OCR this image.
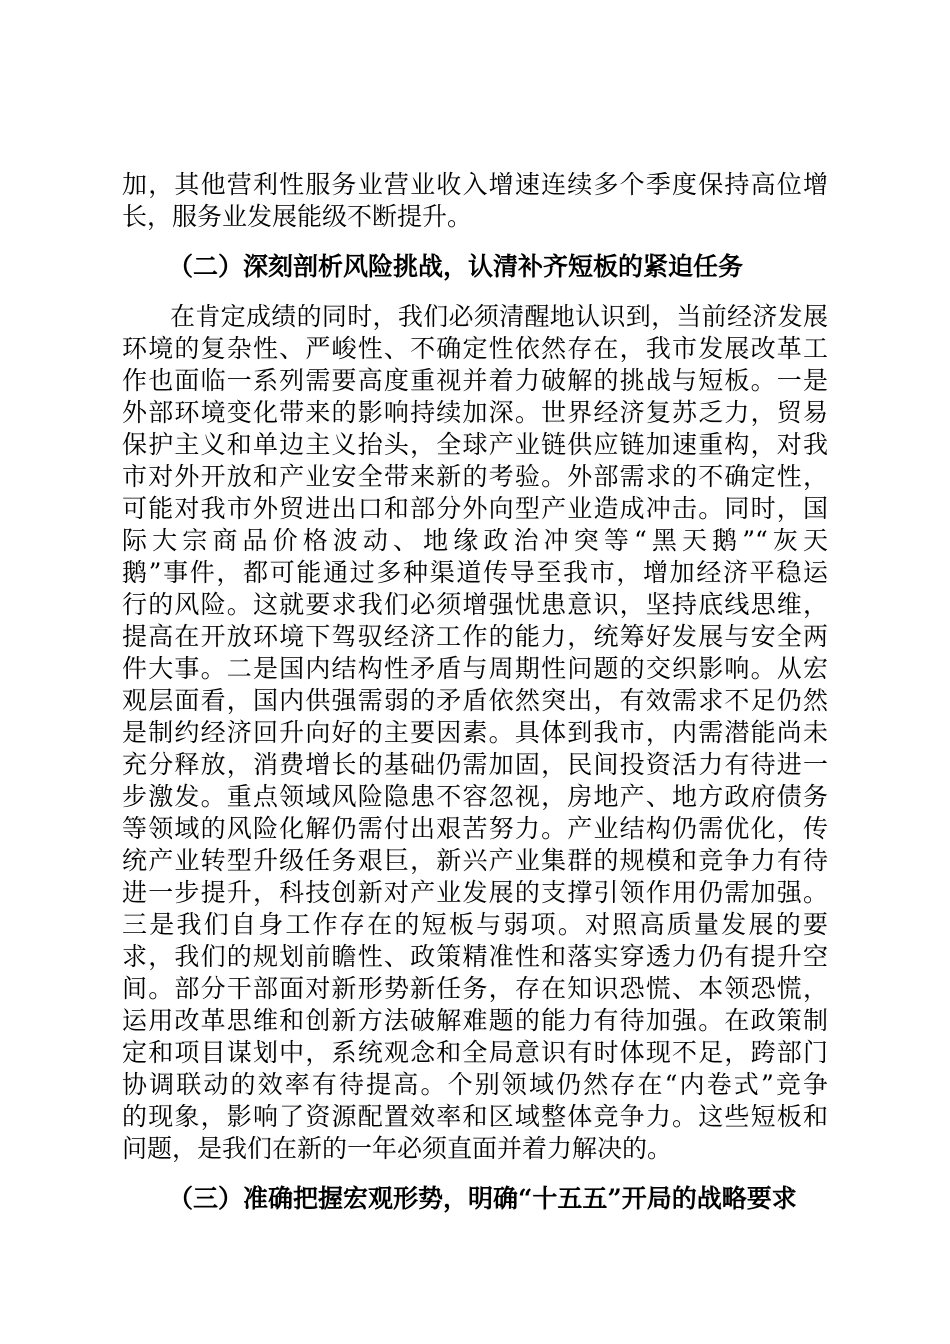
加，其他营利性服务业营业收入增速连续多个季度保持高位增
长，服务业发展能级不断提升。
（二）深刻剖析风险挑战，认清补齐短板的紧迫任务
在肯定成绩的同时，我们必须清醒地认识到，当前经济发展
环境的复杂性、严峻性、不确定性依然存在，我市发展改革工
作也面临一系列需要高度重视并着力破解的挑战与短板。一是
外部环境变化带来的影响持续加深。世界经济复苏乏力，贸易
保护主义和单边主义抬头，全球产业链供应链加速重构，对我
市对外开放和产业安全带来新的考验。外部需求的不确定性，
可能对我市外贸进出口和部分外向型产业造成冲击。同时，国
际大宗商品价格波动、地缘政治冲突等“黑天鹅”“灰天
鹅”事件，都可能通过多种渠道传导至我市，增加经济平稳运
行的风险。这就要求我们必须增强忧患意识，坚持底线思维，
提高在开放环境下驾驭经济工作的能力，统筹好发展与安全两
件大事。二是国内结构性矛盾与周期性问题的交织影响。从宏
观层面看，国内供强需弱的矛盾依然突出，有效需求不足仍然
是制约经济回升向好的主要因素。具体到我市，内需潜能尚未
充分释放，消费增长的基础仍需加固，民间投资活力有待进一
步激发。重点领域风险隐患不容忽视，房地产、地方政府债务
等领域的风险化解仍需付出艰苦努力。产业结构仍需优化，传
统产业转型升级任务艰巨，新兴产业集群的规模和竞争力有待
进一步提升，科技创新对产业发展的支撑引领作用仍需加强。
三是我们自身工作存在的短板与弱项。对照高质量发展的要
求，我们的规划前瞻性、政策精准性和落实穿透力仍有提升空
间。部分干部面对新形势新任务，存在知识恐慌、本领恐慌，
运用改革思维和创新方法破解难题的能力有待加强。在政策制
定和项目谋划中，系统观念和全局意识有时体现不足，跨部门
协调联动的效率有待提高。个别领域仍然存在“内卷式”竞争
的现象，影响了资源配置效率和区域整体竞争力。这些短板和
问题，是我们在新的一年必须直面并着力解决的。
（三）准确把握宏观形势，明确“十五五”开局的战略要求
